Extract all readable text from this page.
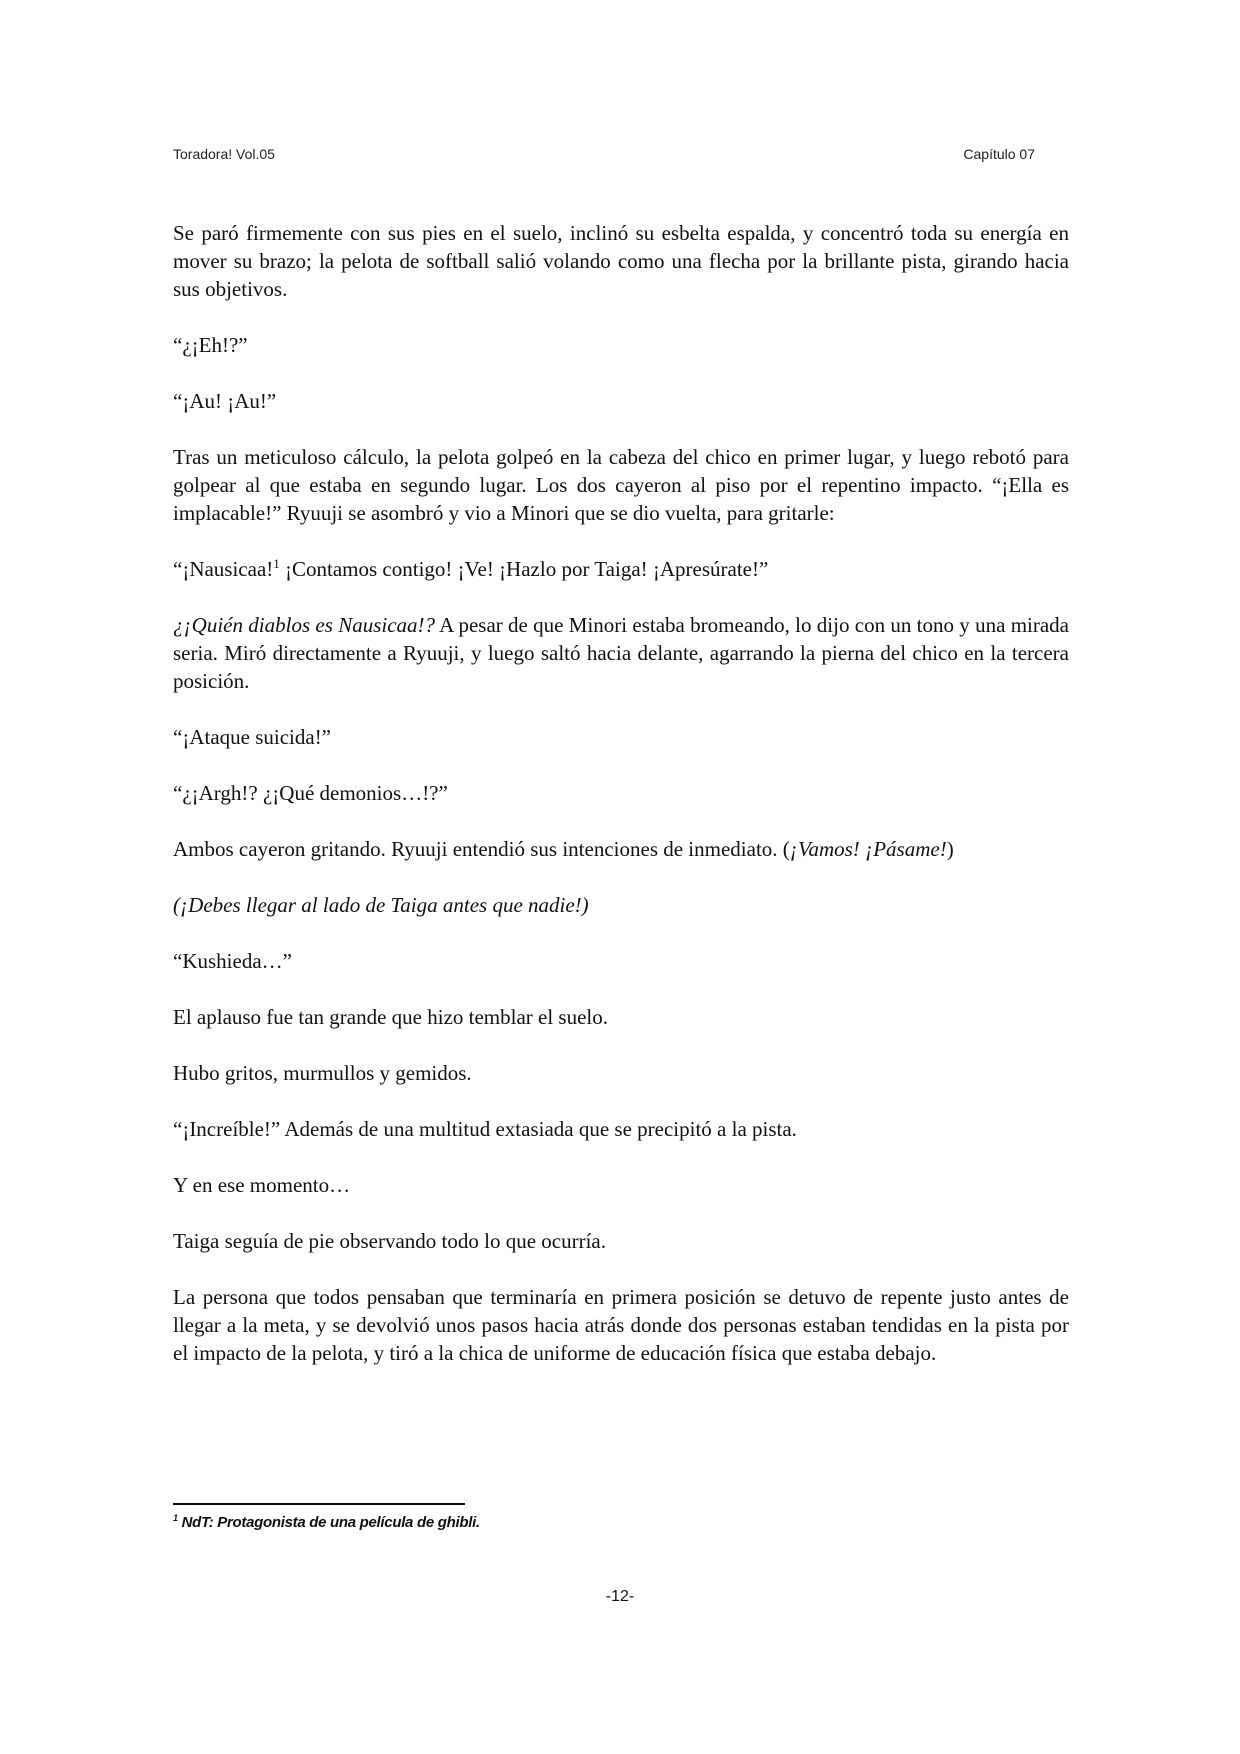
Toradora! Vol.05	Capítulo 07

Se paró firmemente con sus pies en el suelo, inclinó su esbelta espalda, y concentró toda su energía en mover su brazo; la pelota de softball salió volando como una flecha por la brillante pista, girando hacia sus objetivos.

“¿¡Eh!?”

“¡Au! ¡Au!”

Tras un meticuloso cálculo, la pelota golpeó en la cabeza del chico en primer lugar, y luego rebotó para golpear al que estaba en segundo lugar. Los dos cayeron al piso por el repentino impacto. “¡Ella es implacable!” Ryuuji se asombró y vio a Minori que se dio vuelta, para gritarle:

“¡Nausicaa!$^1$ ¡Contamos contigo! ¡Ve! ¡Hazlo por Taiga! ¡Apresúrate!”

¿¡Quién diablos es Nausicaa!? A pesar de que Minori estaba bromeando, lo dijo con un tono y una mirada seria. Miró directamente a Ryuuji, y luego saltó hacia delante, agarrando la pierna del chico en la tercera posición.

“¡Ataque suicida!”

“¿¡Argh!? ¿¡Qué demonios…!?”

Ambos cayeron gritando. Ryuuji entendió sus intenciones de inmediato. (¡Vamos! ¡Pásame!)

(¡Debes llegar al lado de Taiga antes que nadie!)

“Kushieda…”

El aplauso fue tan grande que hizo temblar el suelo.

Hubo gritos, murmullos y gemidos.

“¡Increíble!” Además de una multitud extasiada que se precipitó a la pista.

Y en ese momento…

Taiga seguía de pie observando todo lo que ocurría.

La persona que todos pensaban que terminaría en primera posición se detuvo de repente justo antes de llegar a la meta, y se devolvió unos pasos hacia atrás donde dos personas estaban tendidas en la pista por el impacto de la pelota, y tiró a la chica de uniforme de educación física que estaba debajo.

$^1$ NdT: Protagonista de una película de ghibli.
-12-
